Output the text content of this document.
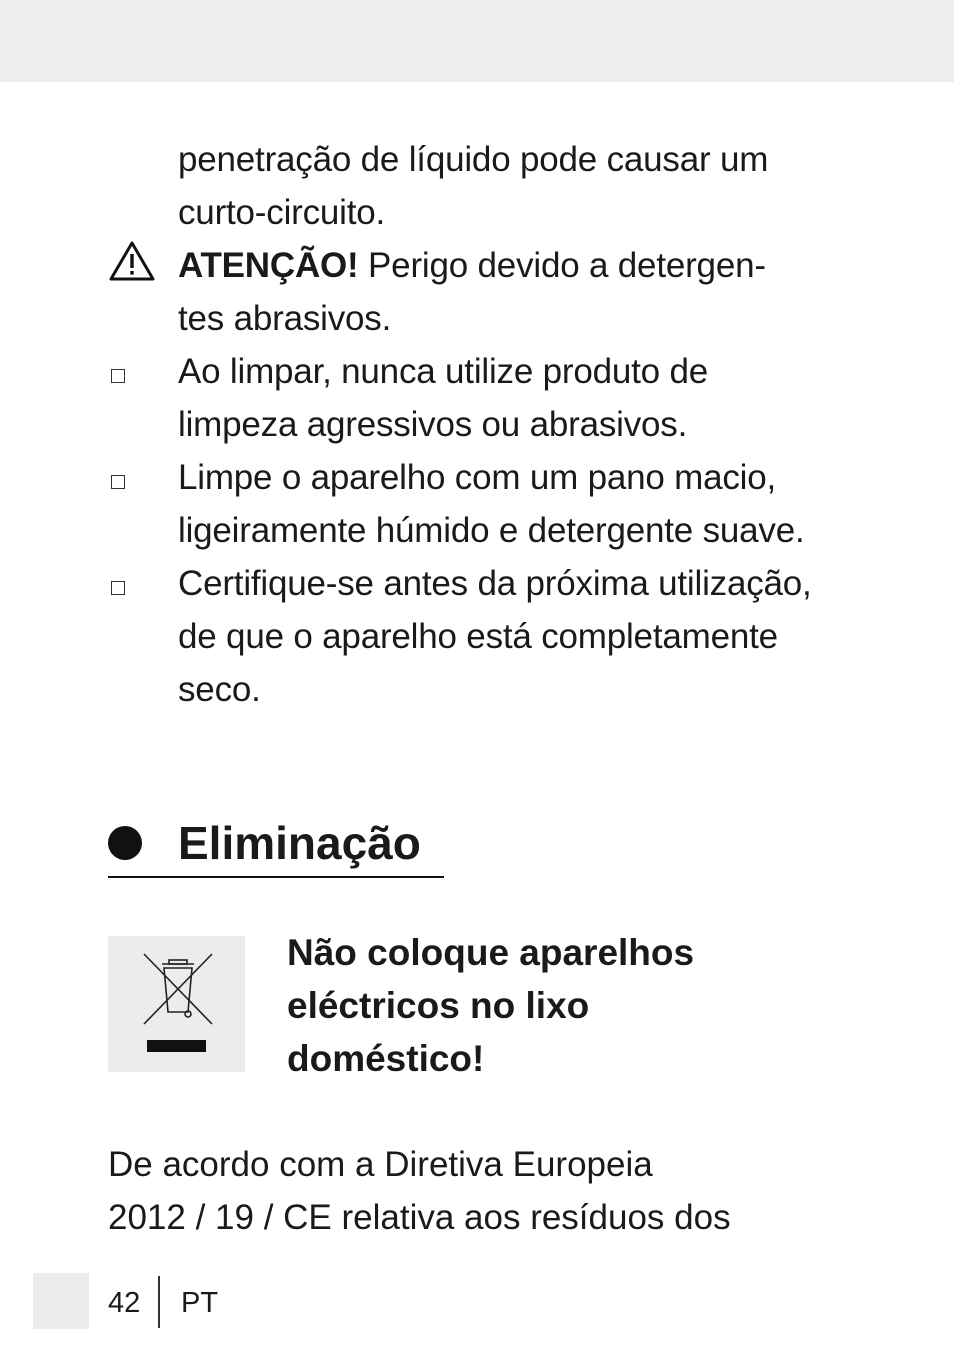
penetração de líquido pode causar um
curto-circuito.
ATENÇÃO! Perigo devido a detergen-
tes abrasivos.
Ao limpar, nunca utilize produto de
limpeza agressivos ou abrasivos.
Limpe o aparelho com um pano macio,
ligeiramente húmido e detergente suave.
Certifique-se antes da próxima utilização,
de que o aparelho está completamente
seco.
Eliminação
Não coloque aparelhos
eléctricos no lixo
doméstico!
De acordo com a Diretiva Europeia
2012 / 19 / CE relativa aos resíduos dos
42 PT
